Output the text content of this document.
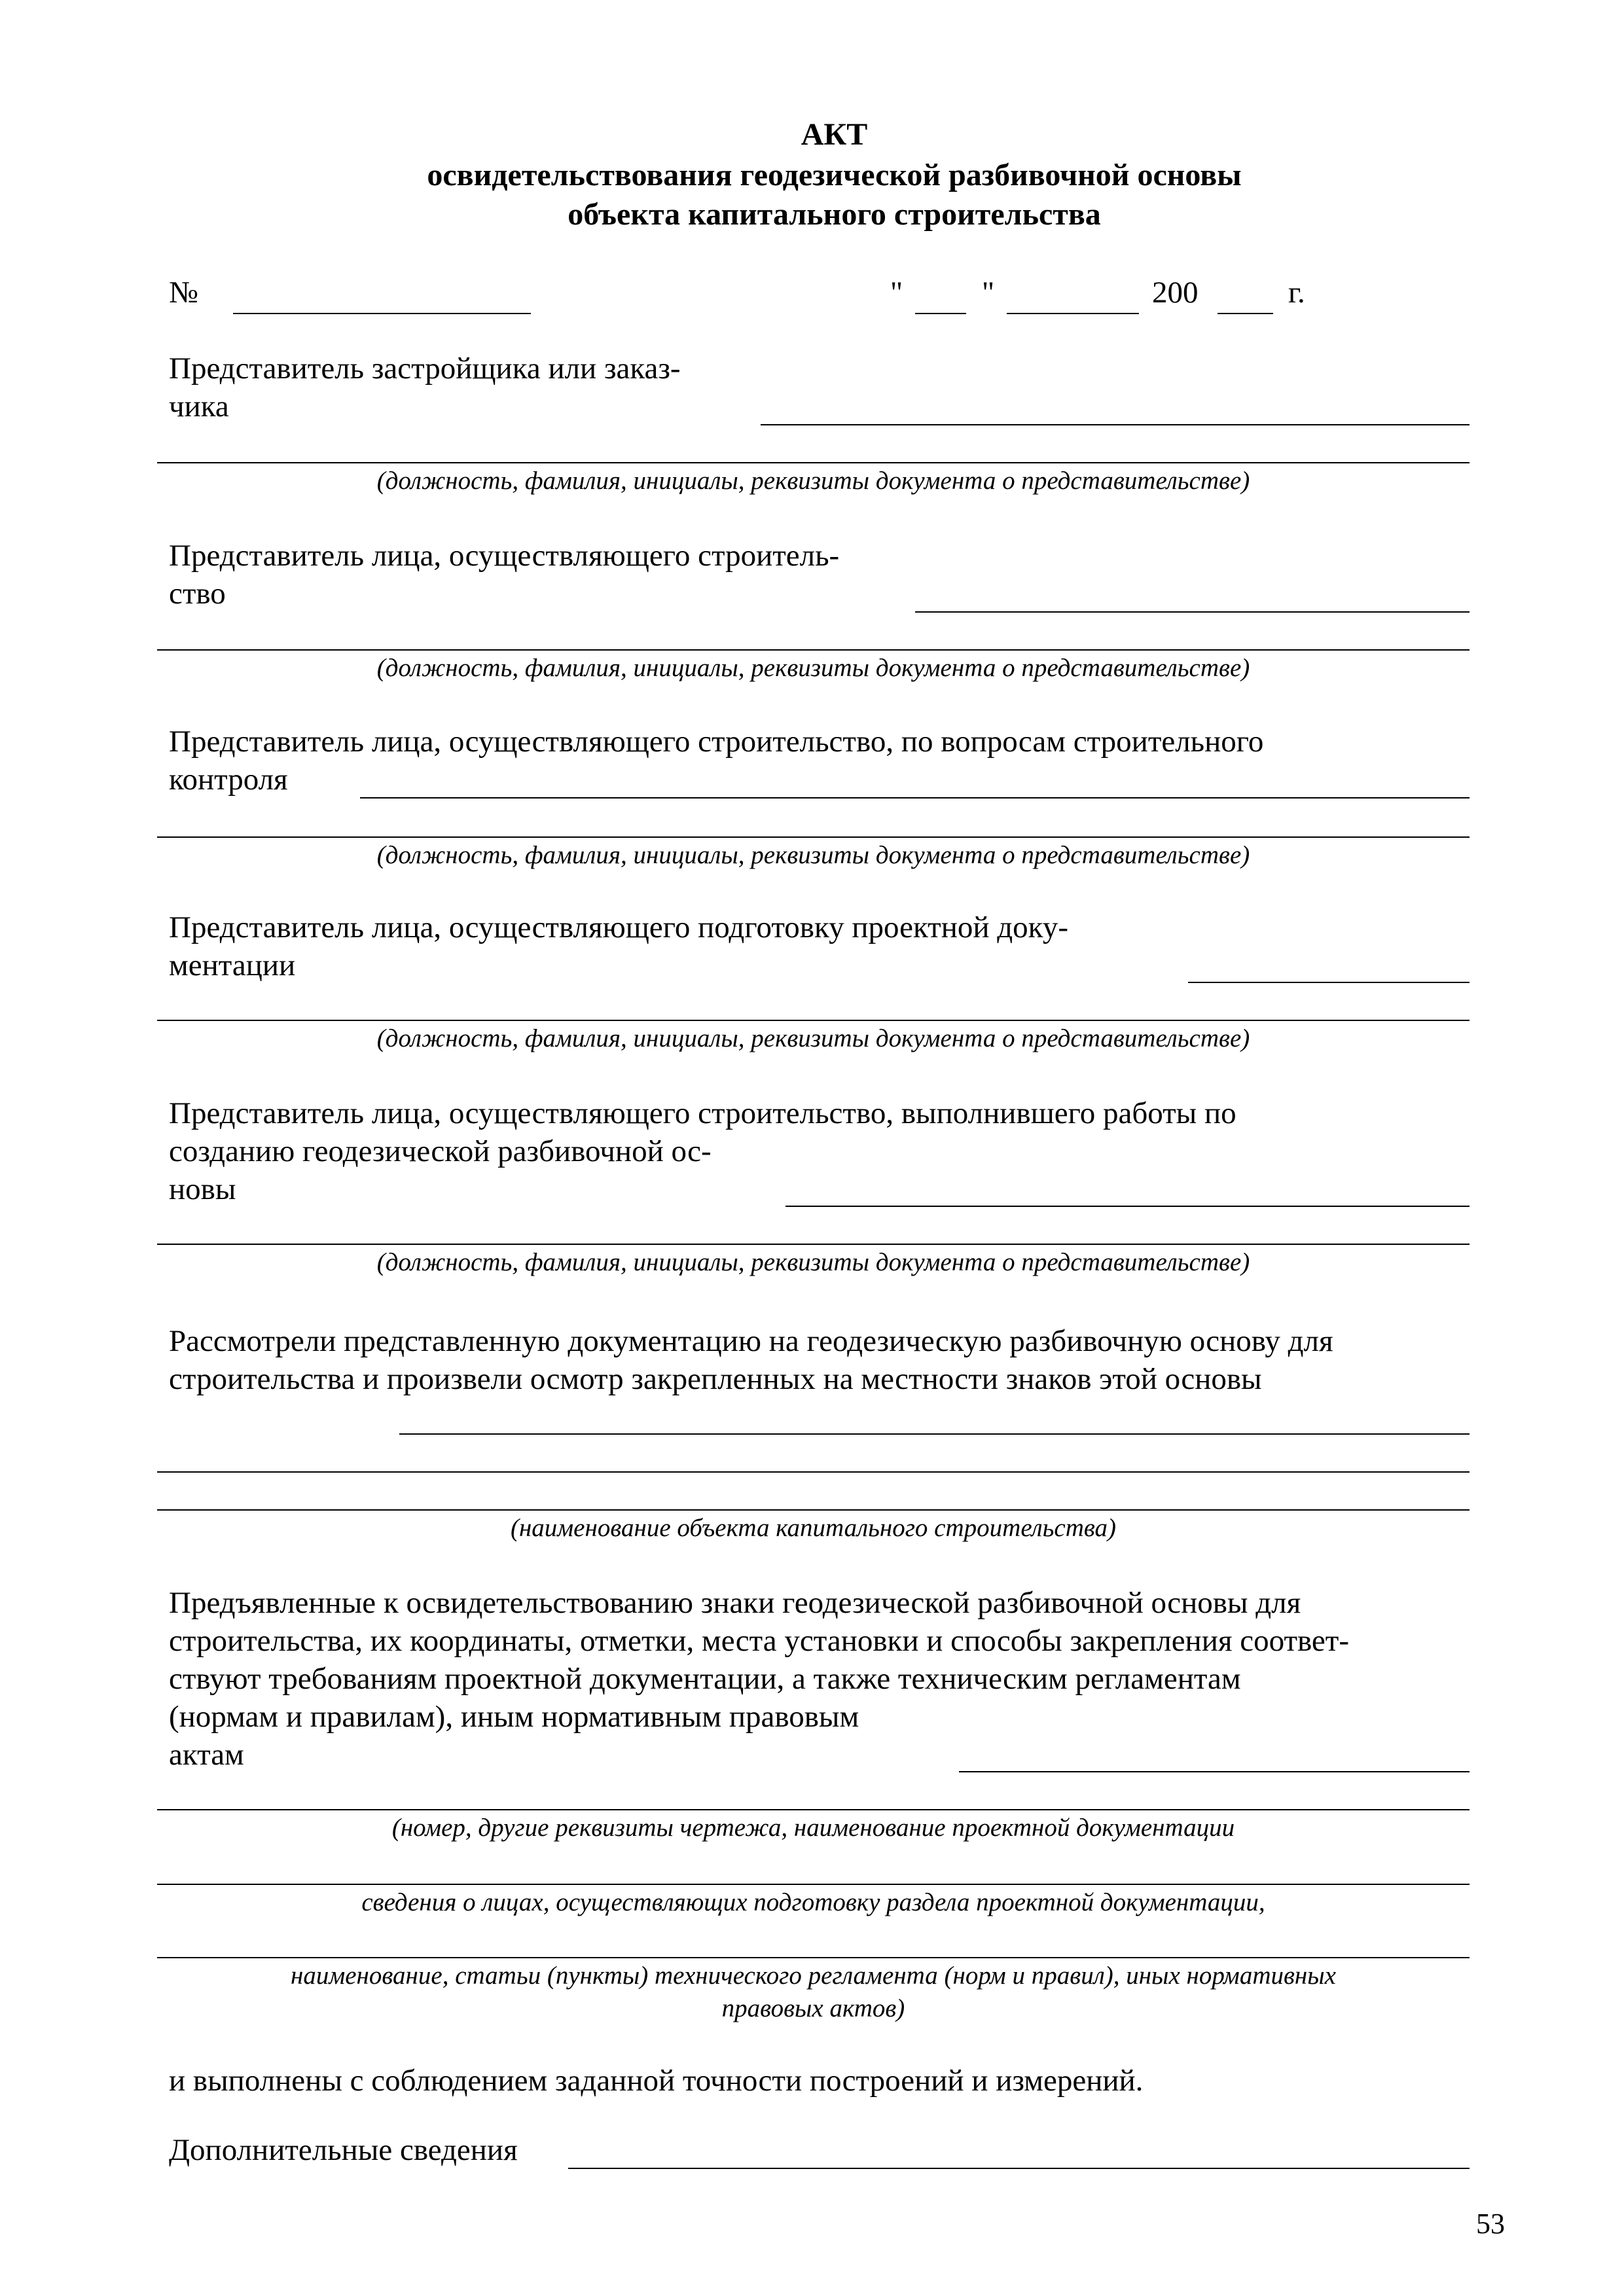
АКТ
освидетельствования геодезической разбивочной основы
объекта капитального строительства
№	"	"	200	г.
Представитель застройщика или заказ-
чика
(должность, фамилия, инициалы, реквизиты документа о представительстве)
Представитель лица, осуществляющего строитель-
ство
(должность, фамилия, инициалы, реквизиты документа о представительстве)
Представитель лица, осуществляющего строительство, по вопросам строительного
контроля
(должность, фамилия, инициалы, реквизиты документа о представительстве)
Представитель лица, осуществляющего подготовку проектной доку-
ментации
(должность, фамилия, инициалы, реквизиты документа о представительстве)
Представитель лица, осуществляющего строительство, выполнившего работы по
созданию геодезической разбивочной ос-
новы
(должность, фамилия, инициалы, реквизиты документа о представительстве)
Рассмотрели представленную документацию на геодезическую разбивочную основу для
строительства и произвели осмотр закрепленных на местности знаков этой основы
(наименование объекта капитального строительства)
Предъявленные к освидетельствованию знаки геодезической разбивочной основы для
строительства, их координаты, отметки, места установки и способы закрепления соответ-
ствуют требованиям проектной документации, а также техническим регламентам
(нормам и правилам), иным нормативным правовым
актам
(номер, другие реквизиты чертежа, наименование проектной документации
сведения о лицах, осуществляющих подготовку раздела проектной документации,
наименование, статьи (пункты) технического регламента (норм и правил), иных нормативных
правовых актов)
и выполнены с соблюдением заданной точности построений и измерений.
Дополнительные сведения
53
